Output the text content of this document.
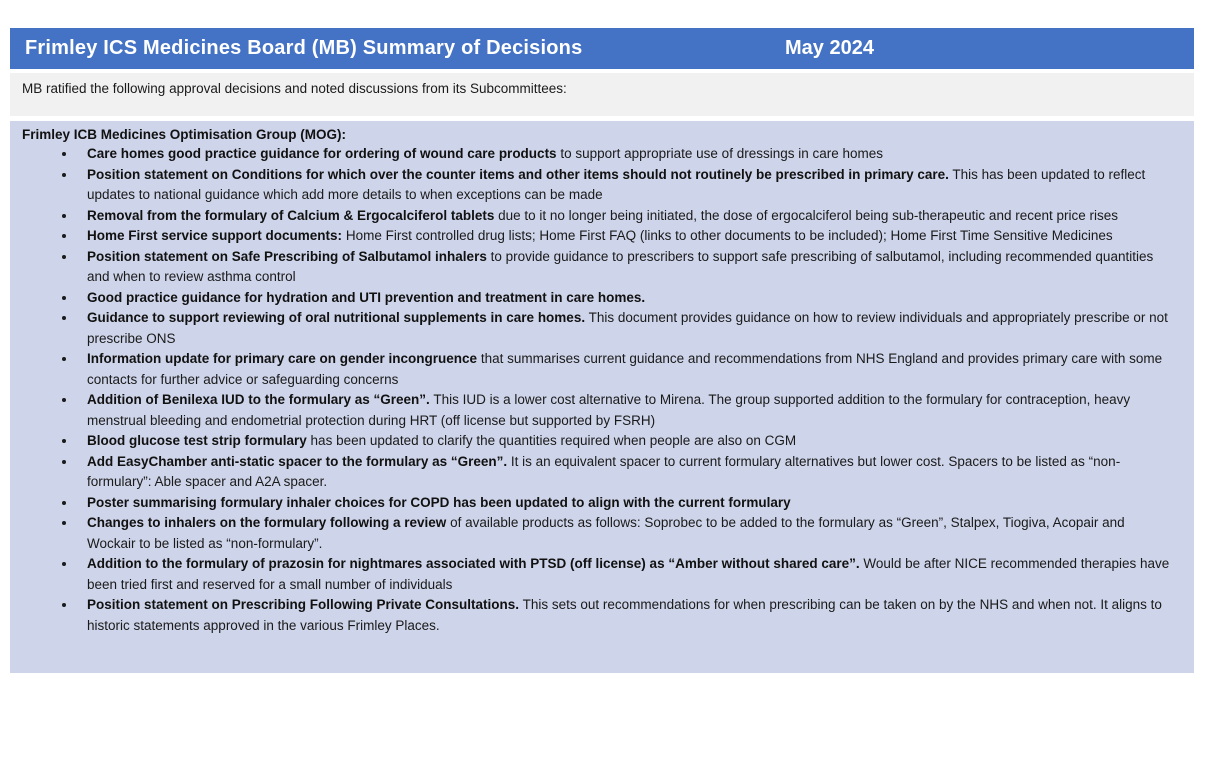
Frimley ICS Medicines Board (MB) Summary of Decisions	May 2024
MB ratified the following approval decisions and noted discussions from its Subcommittees:
Frimley ICB Medicines Optimisation Group (MOG):
• Care homes good practice guidance for ordering of wound care products to support appropriate use of dressings in care homes
• Position statement on Conditions for which over the counter items and other items should not routinely be prescribed in primary care. This has been updated to reflect updates to national guidance which add more details to when exceptions can be made
• Removal from the formulary of Calcium & Ergocalciferol tablets due to it no longer being initiated, the dose of ergocalciferol being sub-therapeutic and recent price rises
• Home First service support documents: Home First controlled drug lists; Home First FAQ (links to other documents to be included); Home First Time Sensitive Medicines
• Position statement on Safe Prescribing of Salbutamol inhalers to provide guidance to prescribers to support safe prescribing of salbutamol, including recommended quantities and when to review asthma control
• Good practice guidance for hydration and UTI prevention and treatment in care homes.
• Guidance to support reviewing of oral nutritional supplements in care homes. This document provides guidance on how to review individuals and appropriately prescribe or not prescribe ONS
• Information update for primary care on gender incongruence that summarises current guidance and recommendations from NHS England and provides primary care with some contacts for further advice or safeguarding concerns
• Addition of Benilexa IUD to the formulary as “Green”. This IUD is a lower cost alternative to Mirena. The group supported addition to the formulary for contraception, heavy menstrual bleeding and endometrial protection during HRT (off license but supported by FSRH)
• Blood glucose test strip formulary has been updated to clarify the quantities required when people are also on CGM
• Add EasyChamber anti-static spacer to the formulary as “Green”. It is an equivalent spacer to current formulary alternatives but lower cost. Spacers to be listed as “non-formulary”: Able spacer and A2A spacer.
• Poster summarising formulary inhaler choices for COPD has been updated to align with the current formulary
• Changes to inhalers on the formulary following a review of available products as follows: Soprobec to be added to the formulary as “Green”, Stalpex, Tiogiva, Acopair and Wockair to be listed as “non-formulary”.
• Addition to the formulary of prazosin for nightmares associated with PTSD (off license) as “Amber without shared care”. Would be after NICE recommended therapies have been tried first and reserved for a small number of individuals
• Position statement on Prescribing Following Private Consultations. This sets out recommendations for when prescribing can be taken on by the NHS and when not. It aligns to historic statements approved in the various Frimley Places.
